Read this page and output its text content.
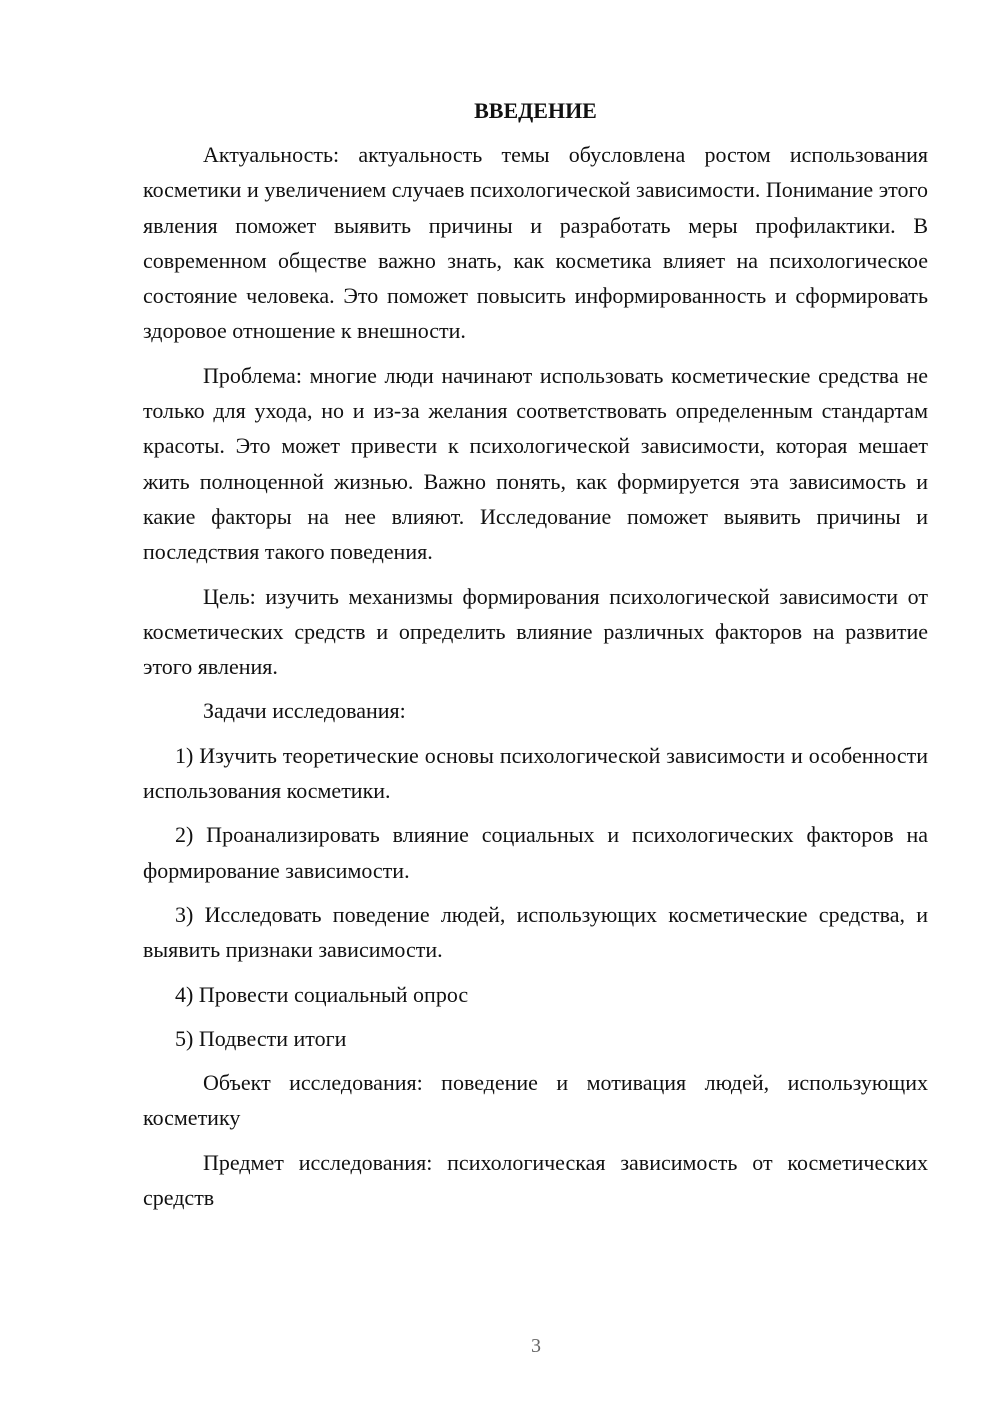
ВВЕДЕНИЕ

Актуальность: актуальность темы обусловлена ростом использования косметики и увеличением случаев психологической зависимости. Понимание этого явления поможет выявить причины и разработать меры профилактики. В современном обществе важно знать, как косметика влияет на психологическое состояние человека. Это поможет повысить информированность и сформировать здоровое отношение к внешности.

Проблема: многие люди начинают использовать косметические средства не только для ухода, но и из-за желания соответствовать определенным стандартам красоты. Это может привести к психологической зависимости, которая мешает жить полноценной жизнью. Важно понять, как формируется эта зависимость и какие факторы на нее влияют. Исследование поможет выявить причины и последствия такого поведения.

Цель: изучить механизмы формирования психологической зависимости от косметических средств и определить влияние различных факторов на развитие этого явления.

Задачи исследования:

1) Изучить теоретические основы психологической зависимости и особенности использования косметики.

2) Проанализировать влияние социальных и психологических факторов на формирование зависимости.

3) Исследовать поведение людей, использующих косметические средства, и выявить признаки зависимости.

4) Провести социальный опрос

5) Подвести итоги

Объект исследования: поведение и мотивация людей, использующих косметику

Предмет исследования: психологическая зависимость от косметических средств

3
